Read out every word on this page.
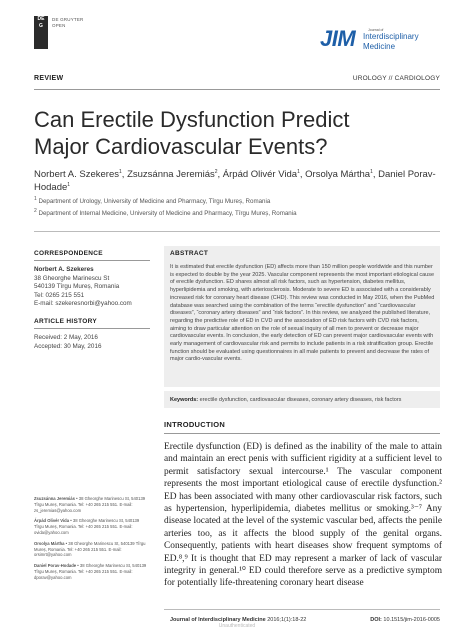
DE
G
DE GRUYTER
OPEN
JIM	Journal of
Interdisciplinary
Medicine
REVIEW	UROLOGY // CARDIOLOGY
Can Erectile Dysfunction Predict
Major Cardiovascular Events?
Norbert A. Szekeres$^1$, Zsuzsánna Jeremiás$^2$, Árpád Olivér Vida$^1$, Orsolya Mártha$^1$, Daniel Porav-Hodade$^1$
$^1$ Department of Urology, University of Medicine and Pharmacy, Tîrgu Mureș, Romania
$^2$ Department of Internal Medicine, University of Medicine and Pharmacy, Tîrgu Mureș, Romania
CORRESPONDENCE
Norbert A. Szekeres
38 Gheorghe Marinescu St
540139 Tîrgu Mureș, Romania
Tel: 0265 215 551
E-mail: szekeresnorbi@yahoo.com
ARTICLE HISTORY
Received: 2 May, 2016
Accepted: 30 May, 2016
Zsuzsánna Jeremiás • 38 Gheorghe Marinescu St, 540139 Tîrgu Mureș, Romania. Tel: +40 265 215 551. E-mail: zs_jeremias@yahoo.com
Árpád Olivér Vida • 38 Gheorghe Marinescu St, 540139 Tîrgu Mureș, Romania. Tel: +40 265 215 551. E-mail: ovida@yahoo.com
Orsolya Mártha • 38 Gheorghe Marinescu St, 540139 Tîrgu Mureș, Romania. Tel: +40 265 215 551. E-mail: orsimrt@yahoo.com
Daniel Porav-Hodade • 38 Gheorghe Marinescu St, 540139 Tîrgu Mureș, Romania. Tel: +40 265 215 551. E-mail: dporav@yahoo.com
ABSTRACT
It is estimated that erectile dysfunction (ED) affects more than 150 million people worldwide and this number is expected to double by the year 2025. Vascular component represents the most important etiological cause of erectile dysfunction. ED shares almost all risk factors, such as hypertension, diabetes mellitus, hyperlipidemia and smoking, with arteriosclerosis. Moderate to severe ED is associated with a considerably increased risk for coronary heart disease (CHD). This review was conducted in May 2016, when the PubMed database was searched using the combination of the terms “erectile dysfunction” and “cardiovascular diseases”, “coronary artery diseases” and “risk factors”. In this review, we analyzed the published literature, regarding the predictive role of ED in CVD and the association of ED risk factors with CVD risk factors, aiming to draw particular attention on the role of sexual inquiry of all men to prevent or decrease major cardiovascular events. In conclusion, the early detection of ED can prevent major cardiovascular events with early management of cardiovascular risk and permits to include patients in a risk stratification group. Erectile function should be evaluated using questionnaires in all male patients to prevent and decrease the rates of major cardio-vascular events.
Keywords: erectile dysfunction, cardiovascular diseases, coronary artery diseases, risk factors
INTRODUCTION
Erectile dysfunction (ED) is defined as the inability of the male to attain and maintain an erect penis with sufficient rigidity at a sufficient level to permit satisfactory sexual intercourse.¹ The vascular component represents the most important etiological cause of erectile dysfunction.² ED has been associated with many other cardiovascular risk factors, such as hypertension, hyperlipidemia, diabetes mellitus or smoking.³⁻⁷ Any disease located at the level of the systemic vascular bed, affects the penile arteries too, as it affects the blood supply of the genital organs. Consequently, patients with heart diseases show frequent symptoms of ED.⁸,⁹ It is thought that ED may represent a marker of lack of vascular integrity in general.¹⁰ ED could therefore serve as a predictive symptom for potentially life-threatening coronary heart disease
Journal of Interdisciplinary Medicine 2016;1(1):18-22	DOI: 10.1515/jim-2016-0005
Unauthenticated
